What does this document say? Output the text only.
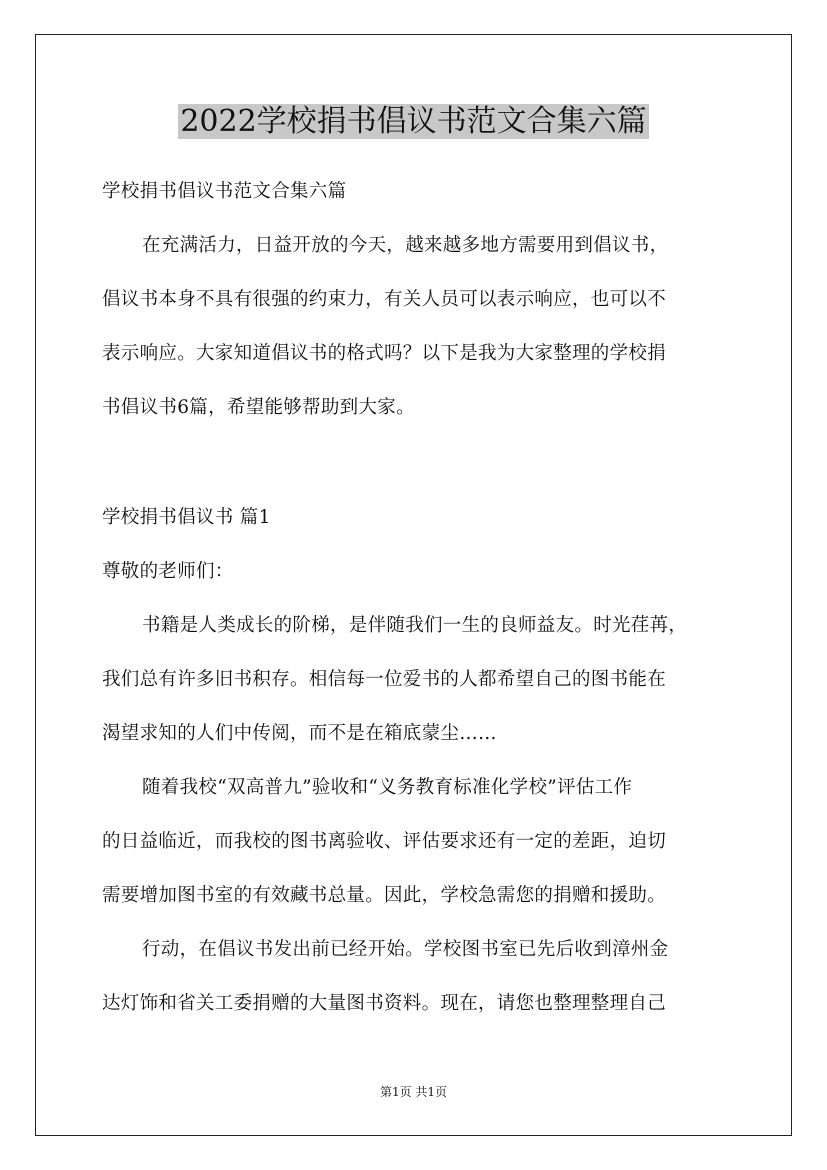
2022学校捐书倡议书范文合集六篇
学校捐书倡议书范文合集六篇
在充满活力，日益开放的今天，越来越多地方需要用到倡议书，
倡议书本身不具有很强的约束力，有关人员可以表示响应，也可以不
表示响应。大家知道倡议书的格式吗？以下是我为大家整理的学校捐
书倡议书6篇，希望能够帮助到大家。
学校捐书倡议书 篇1
尊敬的老师们：
书籍是人类成长的阶梯，是伴随我们一生的良师益友。时光荏苒，
我们总有许多旧书积存。相信每一位爱书的人都希望自己的图书能在
渴望求知的人们中传阅，而不是在箱底蒙尘……
随着我校“双高普九”验收和“义务教育标准化学校”评估工作
的日益临近，而我校的图书离验收、评估要求还有一定的差距，迫切
需要增加图书室的有效藏书总量。因此，学校急需您的捐赠和援助。
行动，在倡议书发出前已经开始。学校图书室已先后收到漳州金
达灯饰和省关工委捐赠的大量图书资料。现在，请您也整理整理自己
第1页 共1页
